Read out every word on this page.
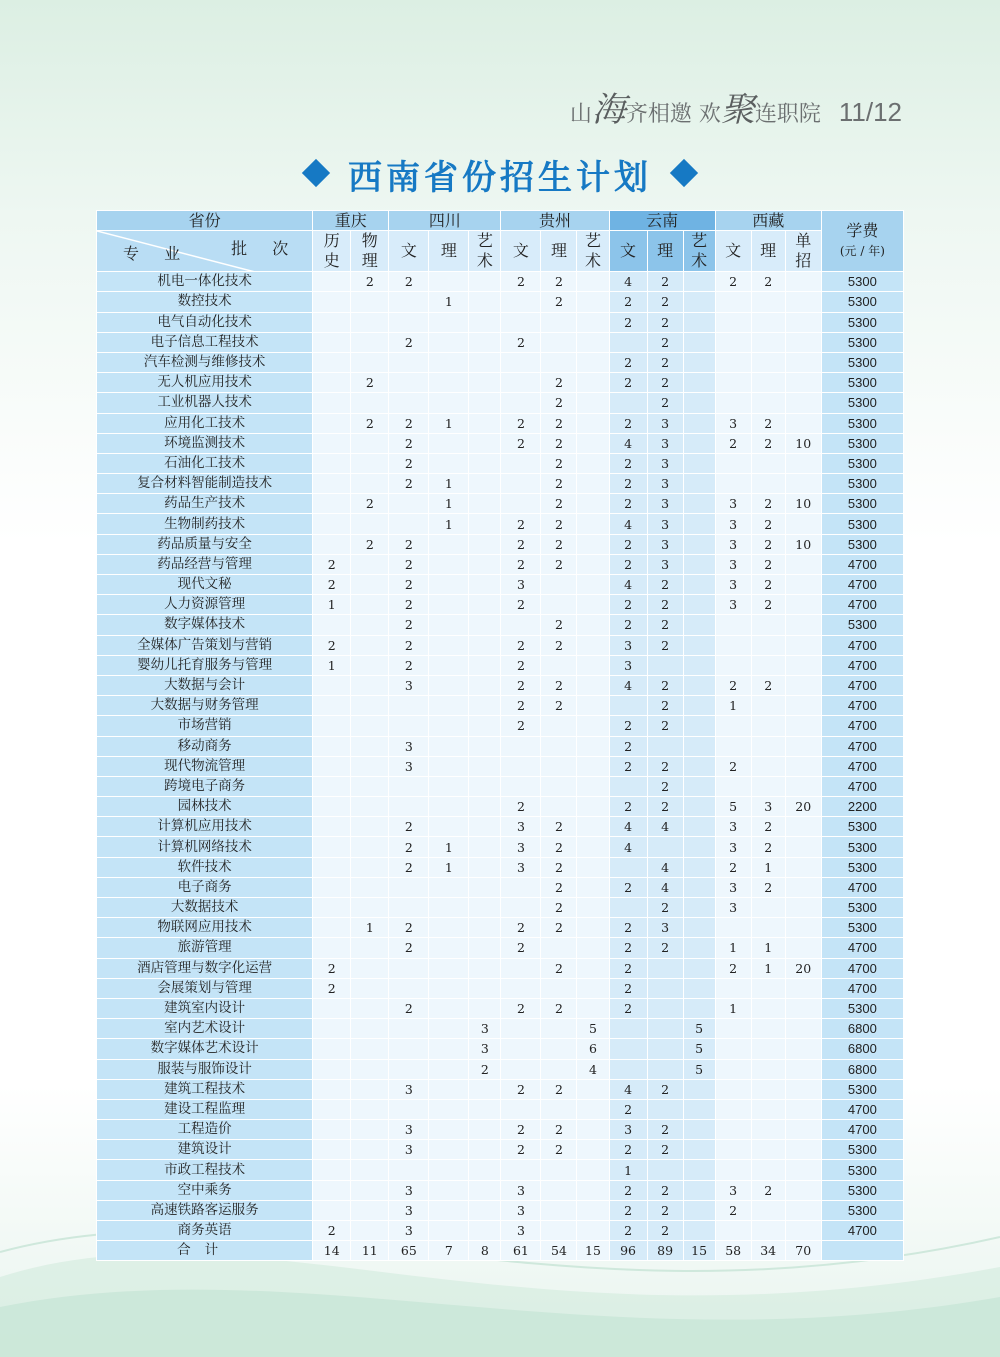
山海齐相邀 欢聚连职院 11/12
西南省份招生计划
省份	重庆		四川			贵州			云南			西藏			学费
(元 / 年)

批 次
专 业	历史	物理	文	理	艺术	文	理	艺术	文	理	艺术	文	理	单招	
机电一体化技术		2	2			2	2		4	2		2	2		5300
数控技术				1			2		2	2					5300
电气自动化技术									2	2					5300
电子信息工程技术			2			2				2					5300
汽车检测与维修技术									2	2					5300
无人机应用技术		2					2		2	2					5300
工业机器人技术							2			2					5300
应用化工技术		2	2	1		2	2		2	3		3	2		5300
环境监测技术			2			2	2		4	3		2	2	10	5300
石油化工技术			2				2		2	3					5300
复合材料智能制造技术			2	1			2		2	3					5300
药品生产技术		2		1			2		2	3		3	2	10	5300
生物制药技术				1		2	2		4	3		3	2		5300
药品质量与安全		2	2			2	2		2	3		3	2	10	5300
药品经营与管理	2		2			2	2		2	3		3	2		4700
现代文秘	2		2			3			4	2		3	2		4700
人力资源管理	1		2			2			2	2		3	2		4700
数字媒体技术			2				2		2	2					5300
全媒体广告策划与营销	2		2			2	2		3	2					4700
婴幼儿托育服务与管理	1		2			2			3						4700
大数据与会计			3			2	2		4	2		2	2		4700
大数据与财务管理						2	2			2		1			4700
市场营销						2			2	2					4700
移动商务			3						2						4700
现代物流管理			3						2	2		2			4700
跨境电子商务										2					4700
园林技术						2			2	2		5	3	20	2200
计算机应用技术			2			3	2		4	4		3	2		5300
计算机网络技术			2	1		3	2		4			3	2		5300
软件技术			2	1		3	2			4		2	1		5300
电子商务							2		2	4		3	2		4700
大数据技术							2			2		3			5300
物联网应用技术		1	2			2	2		2	3					5300
旅游管理			2			2			2	2		1	1		4700
酒店管理与数字化运营	2						2		2			2	1	20	4700
会展策划与管理	2								2						4700
建筑室内设计			2			2	2		2			1			5300
室内艺术设计					3			5			5				6800
数字媒体艺术设计					3			6			5				6800
服装与服饰设计					2			4			5				6800
建筑工程技术			3			2	2		4	2					5300
建设工程监理									2						4700
工程造价			3			2	2		3	2					4700
建筑设计			3			2	2		2	2					5300
市政工程技术									1						5300
空中乘务			3			3			2	2		3	2		5300
高速铁路客运服务			3			3			2	2		2			5300
商务英语	2		3			3			2	2					4700
合计	14	11	65	7	8	61	54	15	96	89	15	58	34	70	
